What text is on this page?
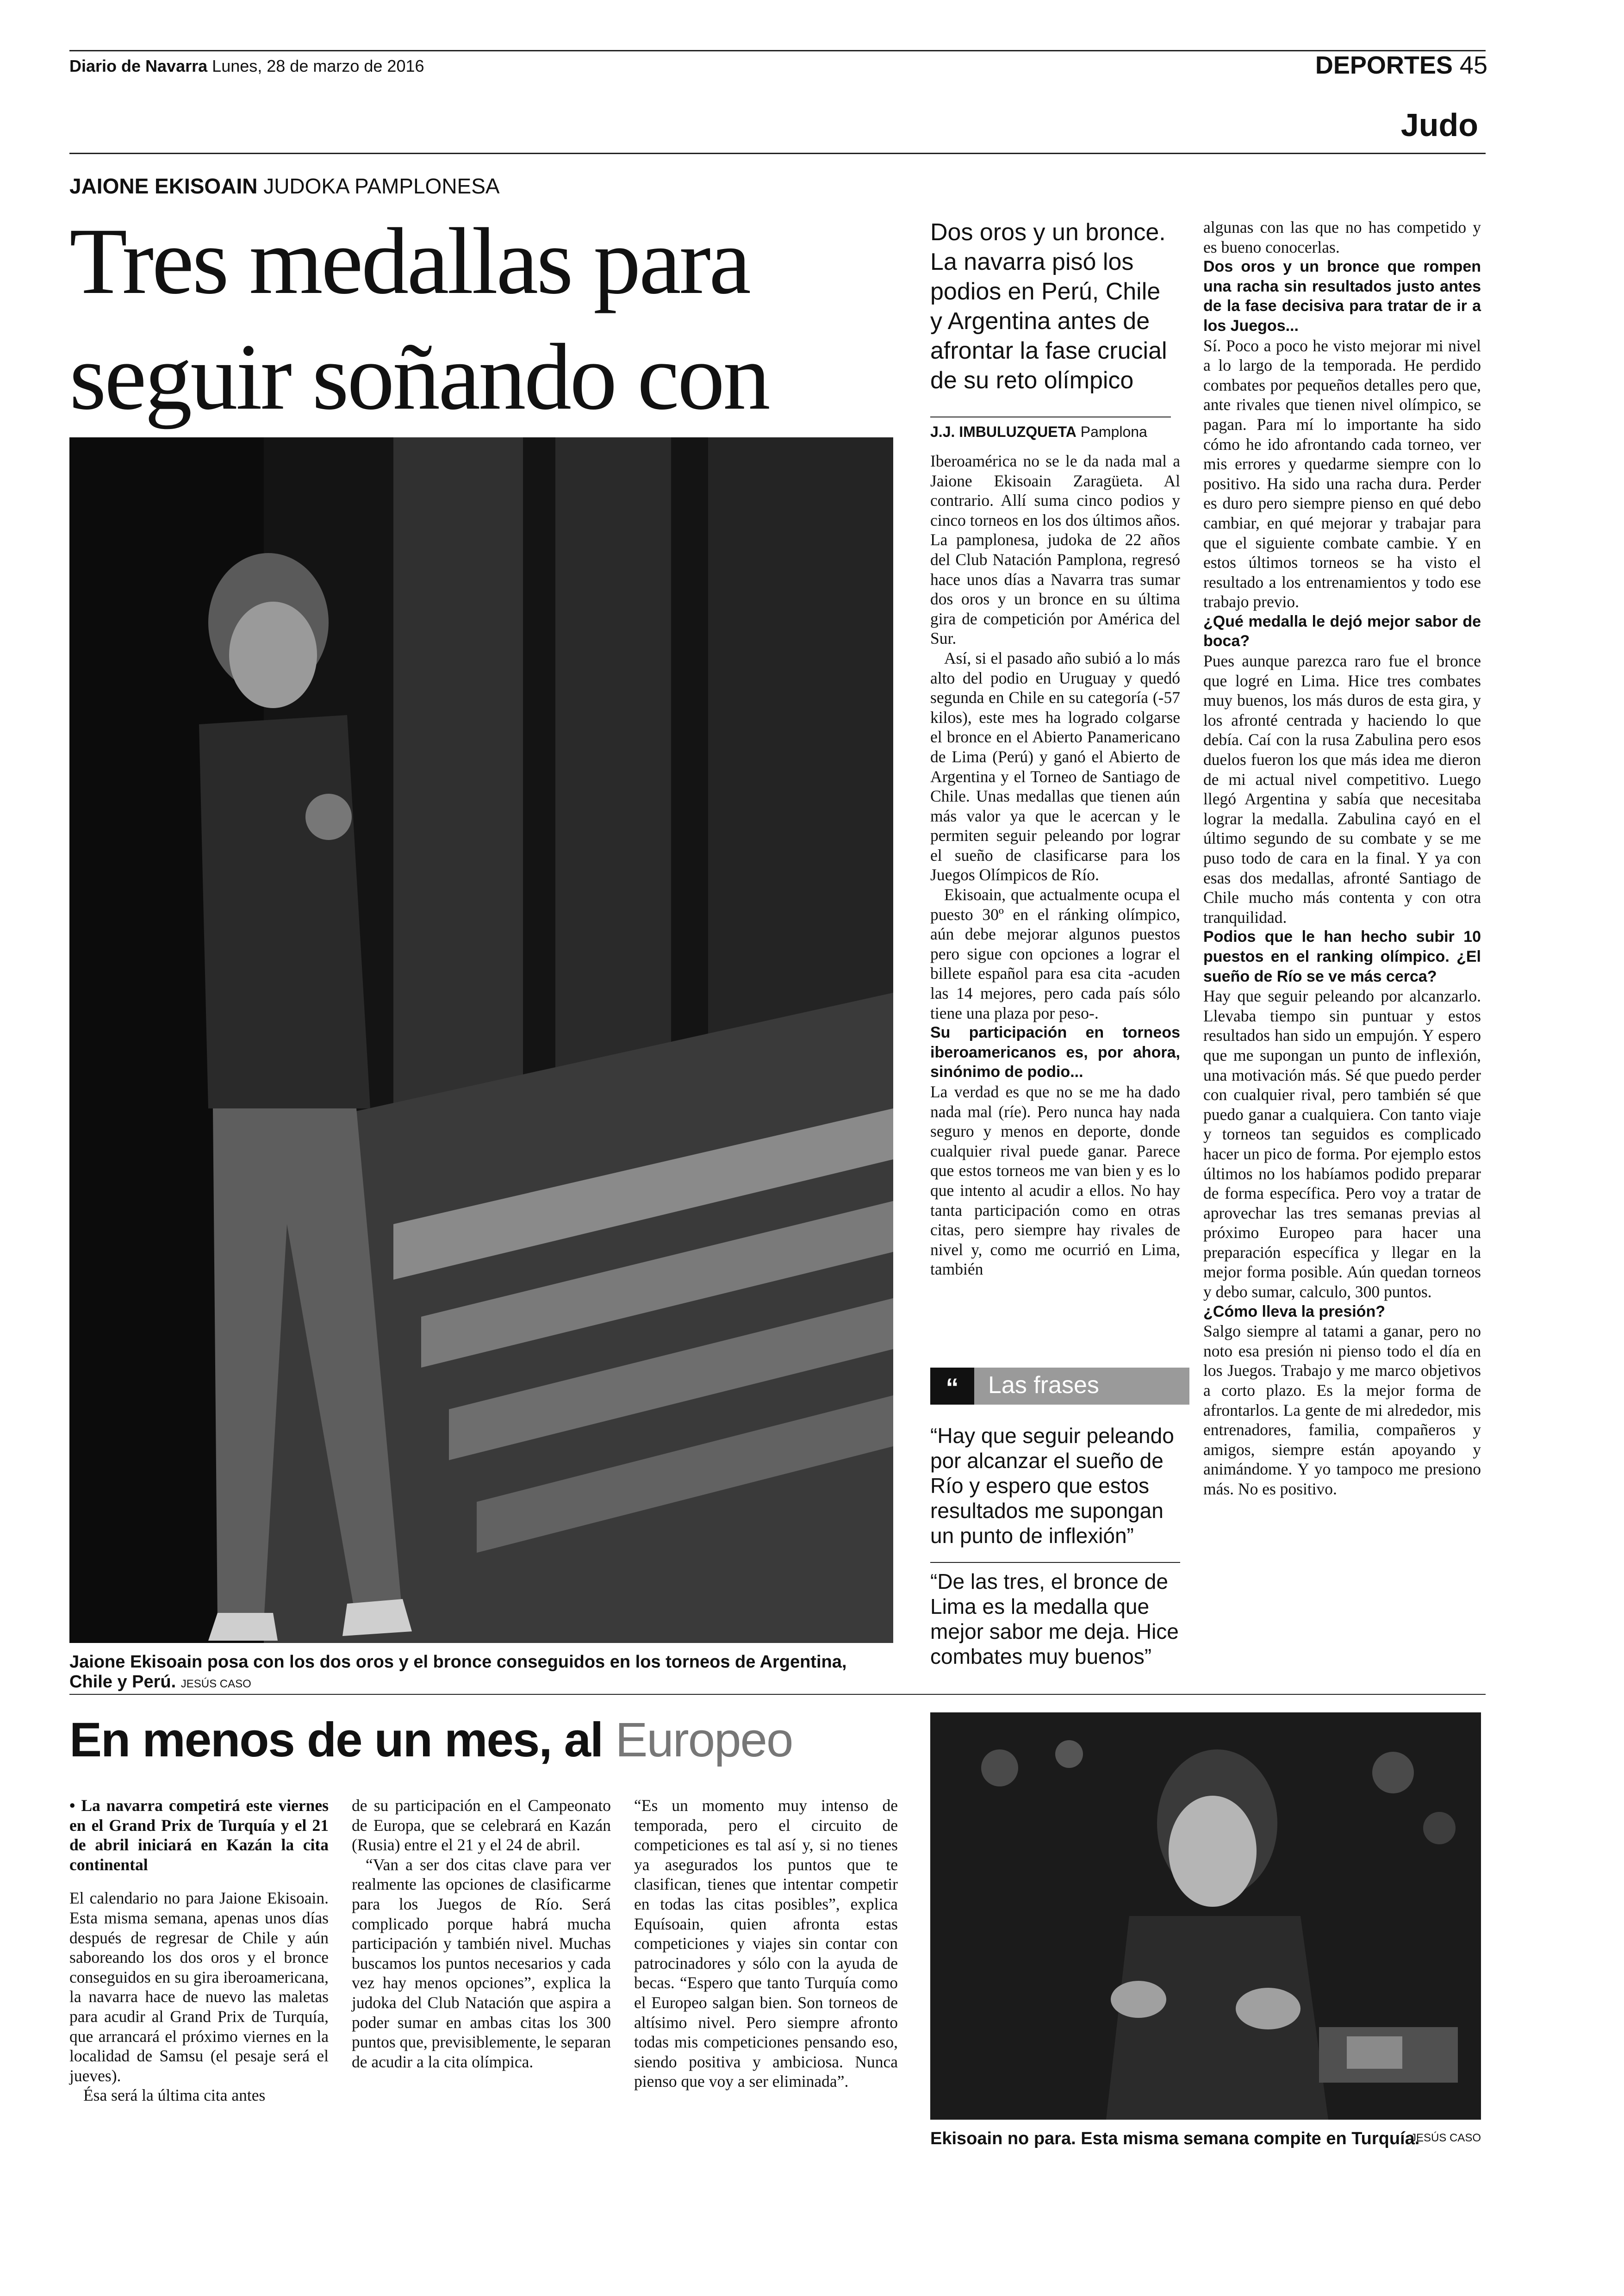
Diario de Navarra Lunes, 28 de marzo de 2016	DEPORTES 45
Judo
JAIONE EKISOAIN JUDOKA PAMPLONESA
Tres medallas para
seguir soñando con
Jaione Ekisoain posa con los dos oros y el bronce conseguidos en los torneos de Argentina, Chile y Perú. JESÚS CASO
Dos oros y un bronce. La navarra pisó los podios en Perú, Chile y Argentina antes de afrontar la fase crucial de su reto olímpico
J.J. IMBULUZQUETA Pamplona

Iberoamérica no se le da nada mal a Jaione Ekisoain Zaragüeta. Al contrario. Allí suma cinco podios y cinco torneos en los dos últimos años. La pamplonesa, judoka de 22 años del Club Natación Pamplona, regresó hace unos días a Navarra tras sumar dos oros y un bronce en su última gira de competición por América del Sur.

Así, si el pasado año subió a lo más alto del podio en Uruguay y quedó segunda en Chile en su categoría (-57 kilos), este mes ha logrado colgarse el bronce en el Abierto Panamericano de Lima (Perú) y ganó el Abierto de Argentina y el Torneo de Santiago de Chile. Unas medallas que tienen aún más valor ya que le acercan y le permiten seguir peleando por lograr el sueño de clasificarse para los Juegos Olímpicos de Río.

Ekisoain, que actualmente ocupa el puesto 30º en el ránking olímpico, aún debe mejorar algunos puestos pero sigue con opciones a lograr el billete español para esa cita -acuden las 14 mejores, pero cada país sólo tiene una plaza por peso-.

Su participación en torneos iberoamericanos es, por ahora, sinónimo de podio...

La verdad es que no se me ha dado nada mal (ríe). Pero nunca hay nada seguro y menos en deporte, donde cualquier rival puede ganar. Parece que estos torneos me van bien y es lo que intento al acudir a ellos. No hay tanta participación como en otras citas, pero siempre hay rivales de nivel y, como me ocurrió en Lima, también

“	Las frases
“Hay que seguir peleando por alcanzar el sueño de Río y espero que estos resultados me supongan un punto de inflexión”
“De las tres, el bronce de Lima es la medalla que mejor sabor me deja. Hice combates muy buenos”

algunas con las que no has competido y es bueno conocerlas.

Dos oros y un bronce que rompen una racha sin resultados justo antes de la fase decisiva para tratar de ir a los Juegos...

Sí. Poco a poco he visto mejorar mi nivel a lo largo de la temporada. He perdido combates por pequeños detalles pero que, ante rivales que tienen nivel olímpico, se pagan. Para mí lo importante ha sido cómo he ido afrontando cada torneo, ver mis errores y quedarme siempre con lo positivo. Ha sido una racha dura. Perder es duro pero siempre pienso en qué debo cambiar, en qué mejorar y trabajar para que el siguiente combate cambie. Y en estos últimos torneos se ha visto el resultado a los entrenamientos y todo ese trabajo previo.

¿Qué medalla le dejó mejor sabor de boca?

Pues aunque parezca raro fue el bronce que logré en Lima. Hice tres combates muy buenos, los más duros de esta gira, y los afronté centrada y haciendo lo que debía. Caí con la rusa Zabulina pero esos duelos fueron los que más idea me dieron de mi actual nivel competitivo. Luego llegó Argentina y sabía que necesitaba lograr la medalla. Zabulina cayó en el último segundo de su combate y se me puso todo de cara en la final. Y ya con esas dos medallas, afronté Santiago de Chile mucho más contenta y con otra tranquilidad.

Podios que le han hecho subir 10 puestos en el ranking olímpico. ¿El sueño de Río se ve más cerca?

Hay que seguir peleando por alcanzarlo. Llevaba tiempo sin puntuar y estos resultados han sido un empujón. Y espero que me supongan un punto de inflexión, una motivación más. Sé que puedo perder con cualquier rival, pero también sé que puedo ganar a cualquiera. Con tanto viaje y torneos tan seguidos es complicado hacer un pico de forma. Por ejemplo estos últimos no los habíamos podido preparar de forma específica. Pero voy a tratar de aprovechar las tres semanas previas al próximo Europeo para hacer una preparación específica y llegar en la mejor forma posible. Aún quedan torneos y debo sumar, calculo, 300 puntos.

¿Cómo lleva la presión?

Salgo siempre al tatami a ganar, pero no noto esa presión ni pienso todo el día en los Juegos. Trabajo y me marco objetivos a corto plazo. Es la mejor forma de afrontarlos. La gente de mi alrededor, mis entrenadores, familia, compañeros y amigos, siempre están apoyando y animándome. Y yo tampoco me presiono más. No es positivo.

En menos de un mes, al Europeo

• La navarra competirá este viernes en el Grand Prix de Turquía y el 21 de abril iniciará en Kazán la cita continental

El calendario no para Jaione Ekisoain. Esta misma semana, apenas unos días después de regresar de Chile y aún saboreando los dos oros y el bronce conseguidos en su gira iberoamericana, la navarra hace de nuevo las maletas para acudir al Grand Prix de Turquía, que arrancará el próximo viernes en la localidad de Samsu (el pesaje será el jueves).

Ésa será la última cita antes

de su participación en el Campeonato de Europa, que se celebrará en Kazán (Rusia) entre el 21 y el 24 de abril.

“Van a ser dos citas clave para ver realmente las opciones de clasificarme para los Juegos de Río. Será complicado porque habrá mucha participación y también nivel. Muchas buscamos los puntos necesarios y cada vez hay menos opciones”, explica la judoka del Club Natación que aspira a poder sumar en ambas citas los 300 puntos que, previsiblemente, le separan de acudir a la cita olímpica.

“Es un momento muy intenso de temporada, pero el circuito de competiciones es tal así y, si no tienes ya asegurados los puntos que te clasifican, tienes que intentar competir en todas las citas posibles”, explica Equísoain, quien afronta estas competiciones y viajes sin contar con patrocinadores y sólo con la ayuda de becas. “Espero que tanto Turquía como el Europeo salgan bien. Son torneos de altísimo nivel. Pero siempre afronto todas mis competiciones pensando eso, siendo positiva y ambiciosa. Nunca pienso que voy a ser eliminada”.

Ekisoain no para. Esta misma semana compite en Turquía.
JESÚS CASO
